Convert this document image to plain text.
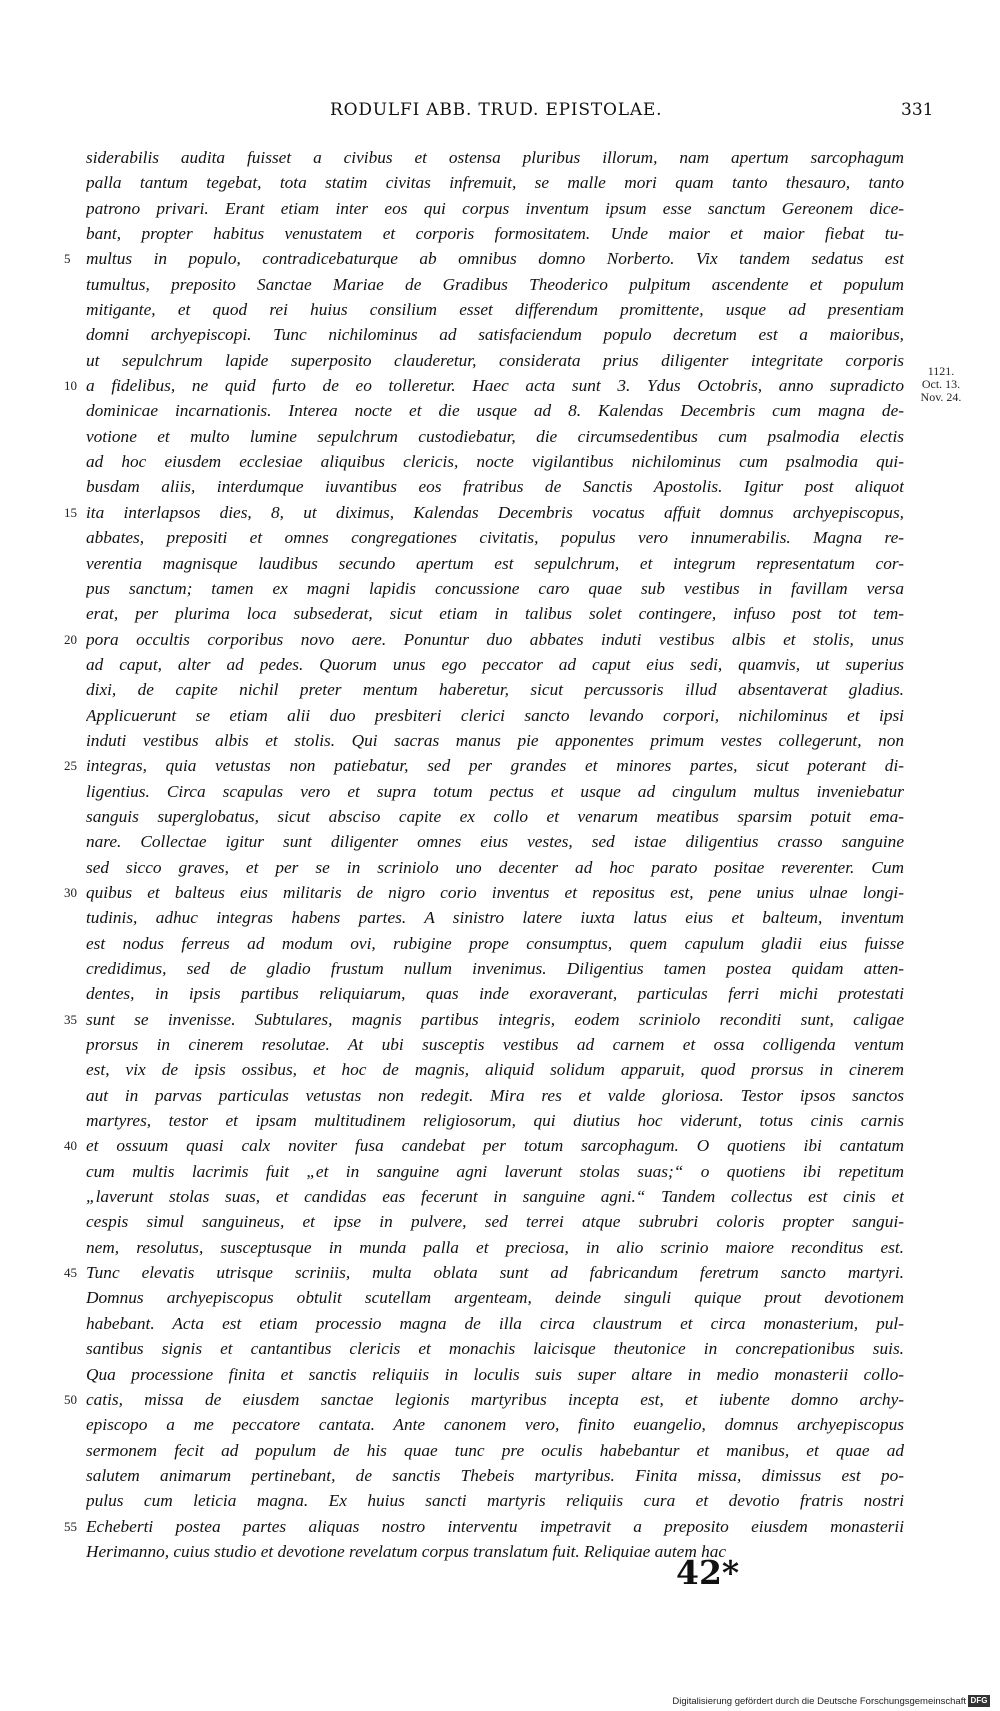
RODULFI ABB. TRUD. EPISTOLAE.	331
siderabilis audita fuisset a civibus et ostensa pluribus illorum, nam apertum sarcophagum
palla tantum tegebat, tota statim civitas infremuit, se malle mori quam tanto thesauro, tanto
patrono privari. Erant etiam inter eos qui corpus inventum ipsum esse sanctum Gereonem dice-
bant, propter habitus venustatem et corporis formositatem. Unde maior et maior fiebat tu-
5 multus in populo, contradicebaturque ab omnibus domno Norberto. Vix tandem sedatus est
tumultus, preposito Sanctae Mariae de Gradibus Theoderico pulpitum ascendente et populum
mitigante, et quod rei huius consilium esset differendum promittente, usque ad presentiam
domni archyepiscopi. Tunc nichilominus ad satisfaciendum populo decretum est a maioribus,
ut sepulchrum lapide superposito clauderetur, considerata prius diligenter integritate corporis
10 a fidelibus, ne quid furto de eo tolleretur. Haec acta sunt 3. Ydus Octobris, anno supradicto
dominicae incarnationis. Interea nocte et die usque ad 8. Kalendas Decembris cum magna de-
votione et multo lumine sepulchrum custodiebatur, die circumsedentibus cum psalmodia electis
ad hoc eiusdem ecclesiae aliquibus clericis, nocte vigilantibus nichilominus cum psalmodia qui-
busdam aliis, interdumque iuvantibus eos fratribus de Sanctis Apostolis. Igitur post aliquot
15 ita interlapsos dies, 8, ut diximus, Kalendas Decembris vocatus affuit domnus archyepiscopus,
abbates, prepositi et omnes congregationes civitatis, populus vero innumerabilis. Magna re-
verentia magnisque laudibus secundo apertum est sepulchrum, et integrum representatum cor-
pus sanctum; tamen ex magni lapidis concussione caro quae sub vestibus in favillam versa
erat, per plurima loca subsederat, sicut etiam in talibus solet contingere, infuso post tot tem-
20 pora occultis corporibus novo aere. Ponuntur duo abbates induti vestibus albis et stolis, unus
ad caput, alter ad pedes. Quorum unus ego peccator ad caput eius sedi, quamvis, ut superius
dixi, de capite nichil preter mentum haberetur, sicut percussoris illud absentaverat gladius.
Applicuerunt se etiam alii duo presbiteri clerici sancto levando corpori, nichilominus et ipsi
induti vestibus albis et stolis. Qui sacras manus pie apponentes primum vestes collegerunt, non
25 integras, quia vetustas non patiebatur, sed per grandes et minores partes, sicut poterant di-
ligentius. Circa scapulas vero et supra totum pectus et usque ad cingulum multus inveniebatur
sanguis superglobatus, sicut absciso capite ex collo et venarum meatibus sparsim potuit ema-
nare. Collectae igitur sunt diligenter omnes eius vestes, sed istae diligentius crasso sanguine
sed sicco graves, et per se in scriniolo uno decenter ad hoc parato positae reverenter. Cum
30 quibus et balteus eius militaris de nigro corio inventus et repositus est, pene unius ulnae longi-
tudinis, adhuc integras habens partes. A sinistro latere iuxta latus eius et balteum, inventum
est nodus ferreus ad modum ovi, rubigine prope consumptus, quem capulum gladii eius fuisse
credidimus, sed de gladio frustum nullum invenimus. Diligentius tamen postea quidam atten-
dentes, in ipsis partibus reliquiarum, quas inde exoraverant, particulas ferri michi protestati
35 sunt se invenisse. Subtulares, magnis partibus integris, eodem scriniolo reconditi sunt, caligae
prorsus in cinerem resolutae. At ubi susceptis vestibus ad carnem et ossa colligenda ventum
est, vix de ipsis ossibus, et hoc de magnis, aliquid solidum apparuit, quod prorsus in cinerem
aut in parvas particulas vetustas non redegit. Mira res et valde gloriosa. Testor ipsos sanctos
martyres, testor et ipsam multitudinem religiosorum, qui diutius hoc viderunt, totus cinis carnis
40 et ossuum quasi calx noviter fusa candebat per totum sarcophagum. O quotiens ibi cantatum
cum multis lacrimis fuit „et in sanguine agni laverunt stolas suas;“ o quotiens ibi repetitum
„laverunt stolas suas, et candidas eas fecerunt in sanguine agni.“ Tandem collectus est cinis et
cespis simul sanguineus, et ipse in pulvere, sed terrei atque subrubri coloris propter sangui-
nem, resolutus, susceptusque in munda palla et preciosa, in alio scrinio maiore reconditus est.
45 Tunc elevatis utrisque scriniis, multa oblata sunt ad fabricandum feretrum sancto martyri.
Domnus archyepiscopus obtulit scutellam argenteam, deinde singuli quique prout devotionem
habebant. Acta est etiam processio magna de illa circa claustrum et circa monasterium, pul-
santibus signis et cantantibus clericis et monachis laicisque theutonice in concrepationibus suis.
Qua processione finita et sanctis reliquiis in loculis suis super altare in medio monasterii collo-
50 catis, missa de eiusdem sanctae legionis martyribus incepta est, et iubente domno archy-
episcopo a me peccatore cantata. Ante canonem vero, finito euangelio, domnus archyepiscopus
sermonem fecit ad populum de his quae tunc pre oculis habebantur et manibus, et quae ad
salutem animarum pertinebant, de sanctis Thebeis martyribus. Finita missa, dimissus est po-
pulus cum leticia magna. Ex huius sancti martyris reliquiis cura et devotio fratris nostri
55 Echeberti postea partes aliquas nostro interventu impetravit a preposito eiusdem monasterii
Herimanno, cuius studio et devotione revelatum corpus translatum fuit. Reliquiae autem hac
1121.
Oct. 13.
Nov. 24.
42*
Digitalisierung gefördert durch die Deutsche Forschungsgemeinschaft DFG
